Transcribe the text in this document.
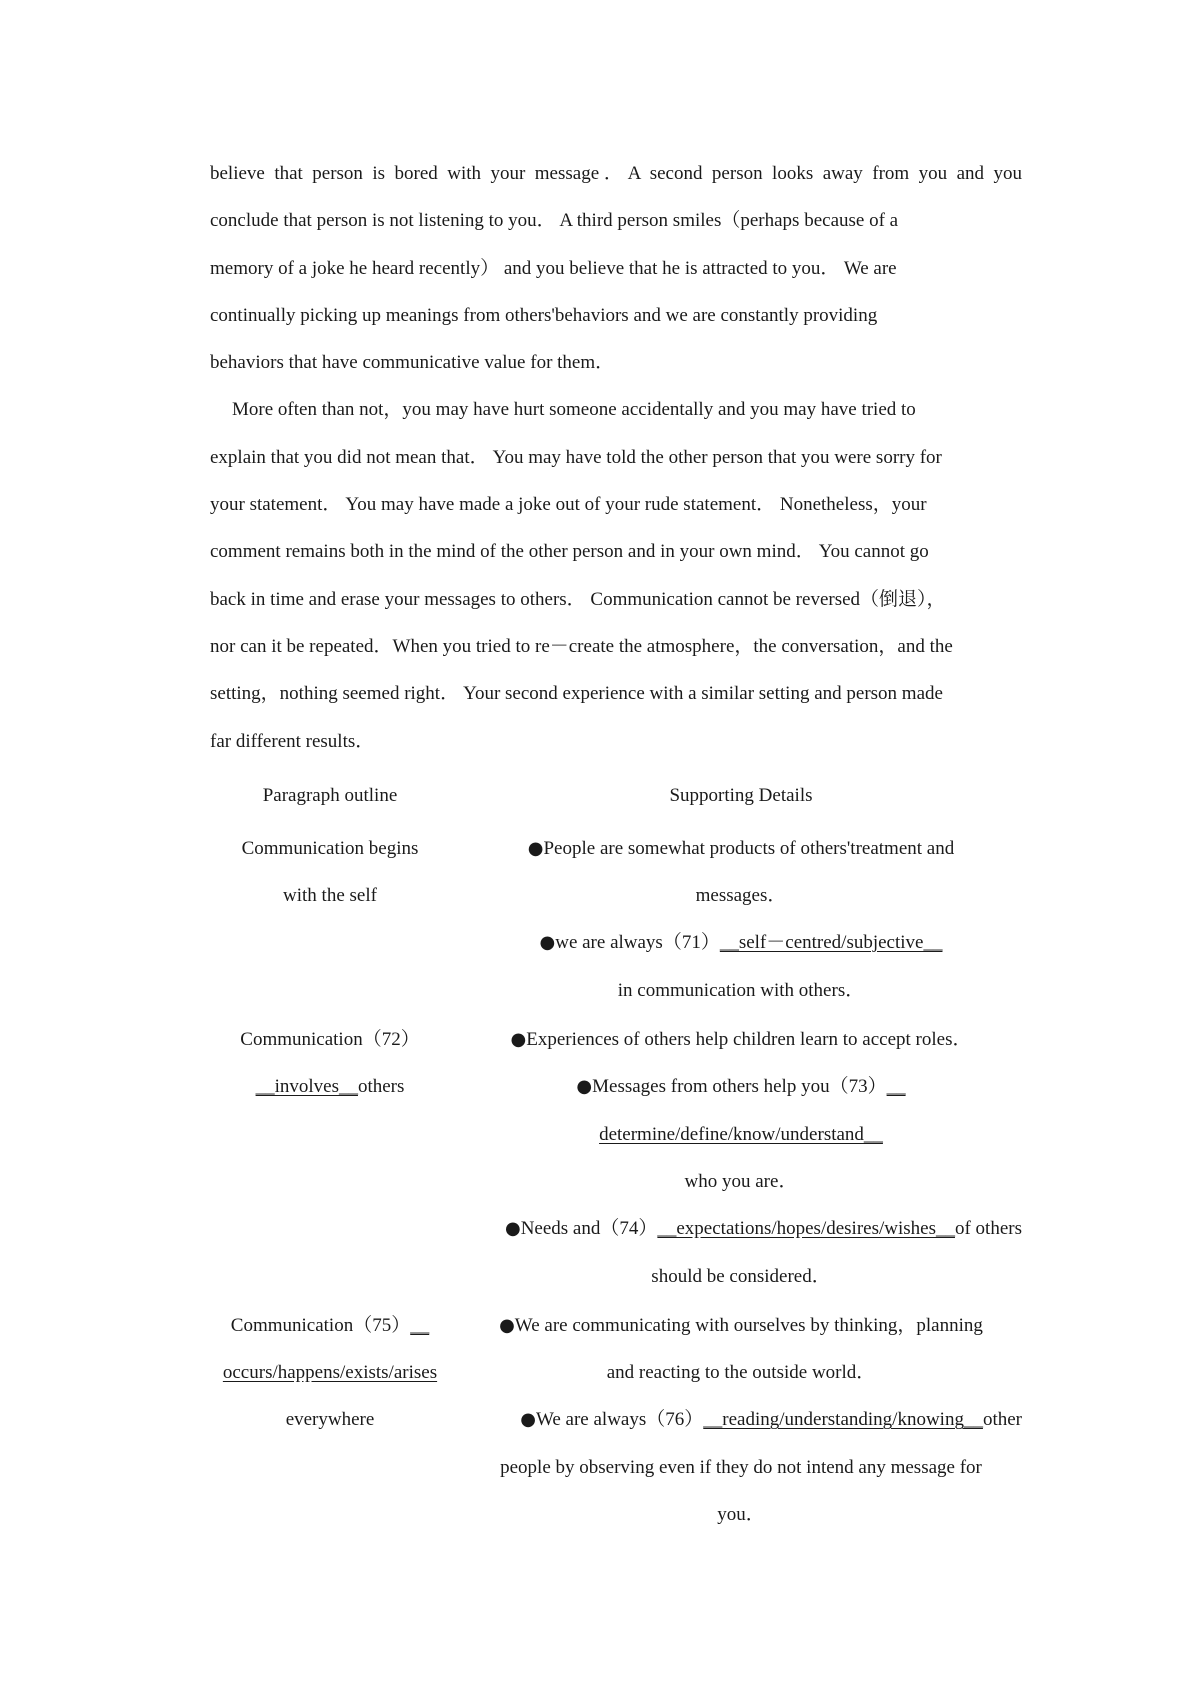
believe that person is bored with your message．A second person looks away from you and you
conclude that person is not listening to you． A third person smiles（perhaps because of a
memory of a joke he heard recently） and you believe that he is attracted to you． We are
continually picking up meanings from others'behaviors and we are constantly providing
behaviors that have communicative value for them．

More often than not，you may have hurt someone accidentally and you may have tried to
explain that you did not mean that． You may have told the other person that you were sorry for
your statement． You may have made a joke out of your rude statement． Nonetheless，your
comment remains both in the mind of the other person and in your own mind． You cannot go
back in time and erase your messages to others． Communication cannot be reversed（倒退），
nor can it be repeated．When you tried to re－create the atmosphere，the conversation，and the
setting，nothing seemed right． Your second experience with a similar setting and person made
far different results．

Paragraph outline	Supporting Details
Communication begins
with the self
●People are somewhat products of others'treatment and
messages．
●we are always（71）__self－centred/subjective__
in communication with others．
Communication（72）
__involves__others
●Experiences of others help children learn to accept roles．
●Messages from others help you（73）__
determine/define/know/understand__
who you are．
●Needs and（74）__expectations/hopes/desires/wishes__of others
should be considered．
Communication（75）__
occurs/happens/exists/arises
everywhere
●We are communicating with ourselves by thinking，planning
and reacting to the outside world．
●We are always（76）__reading/understanding/knowing__other
people by observing even if they do not intend any message for
you．
